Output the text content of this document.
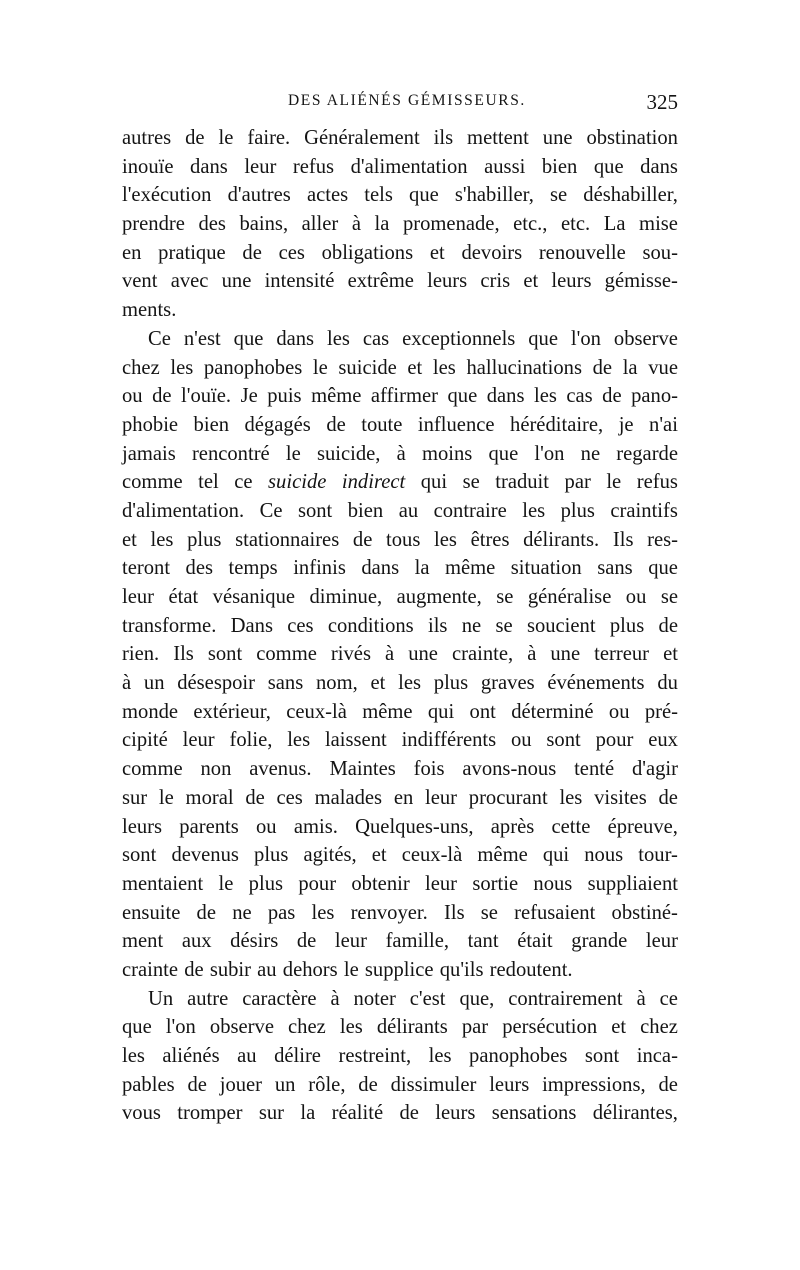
DES ALIÉNÉS GÉMISSEURS.	325
autres de le faire. Généralement ils mettent une obstination
inouïe dans leur refus d'alimentation aussi bien que dans
l'exécution d'autres actes tels que s'habiller, se déshabiller,
prendre des bains, aller à la promenade, etc., etc. La mise
en pratique de ces obligations et devoirs renouvelle sou-
vent avec une intensité extrême leurs cris et leurs gémisse-
ments.
Ce n'est que dans les cas exceptionnels que l'on observe
chez les panophobes le suicide et les hallucinations de la vue
ou de l'ouïe. Je puis même affirmer que dans les cas de pano-
phobie bien dégagés de toute influence héréditaire, je n'ai
jamais rencontré le suicide, à moins que l'on ne regarde
comme tel ce suicide indirect qui se traduit par le refus
d'alimentation. Ce sont bien au contraire les plus craintifs
et les plus stationnaires de tous les êtres délirants. Ils res-
teront des temps infinis dans la même situation sans que
leur état vésanique diminue, augmente, se généralise ou se
transforme. Dans ces conditions ils ne se soucient plus de
rien. Ils sont comme rivés à une crainte, à une terreur et
à un désespoir sans nom, et les plus graves événements du
monde extérieur, ceux-là même qui ont déterminé ou pré-
cipité leur folie, les laissent indifférents ou sont pour eux
comme non avenus. Maintes fois avons-nous tenté d'agir
sur le moral de ces malades en leur procurant les visites de
leurs parents ou amis. Quelques-uns, après cette épreuve,
sont devenus plus agités, et ceux-là même qui nous tour-
mentaient le plus pour obtenir leur sortie nous suppliaient
ensuite de ne pas les renvoyer. Ils se refusaient obstiné-
ment aux désirs de leur famille, tant était grande leur
crainte de subir au dehors le supplice qu'ils redoutent.
Un autre caractère à noter c'est que, contrairement à ce
que l'on observe chez les délirants par persécution et chez
les aliénés au délire restreint, les panophobes sont inca-
pables de jouer un rôle, de dissimuler leurs impressions, de
vous tromper sur la réalité de leurs sensations délirantes,
